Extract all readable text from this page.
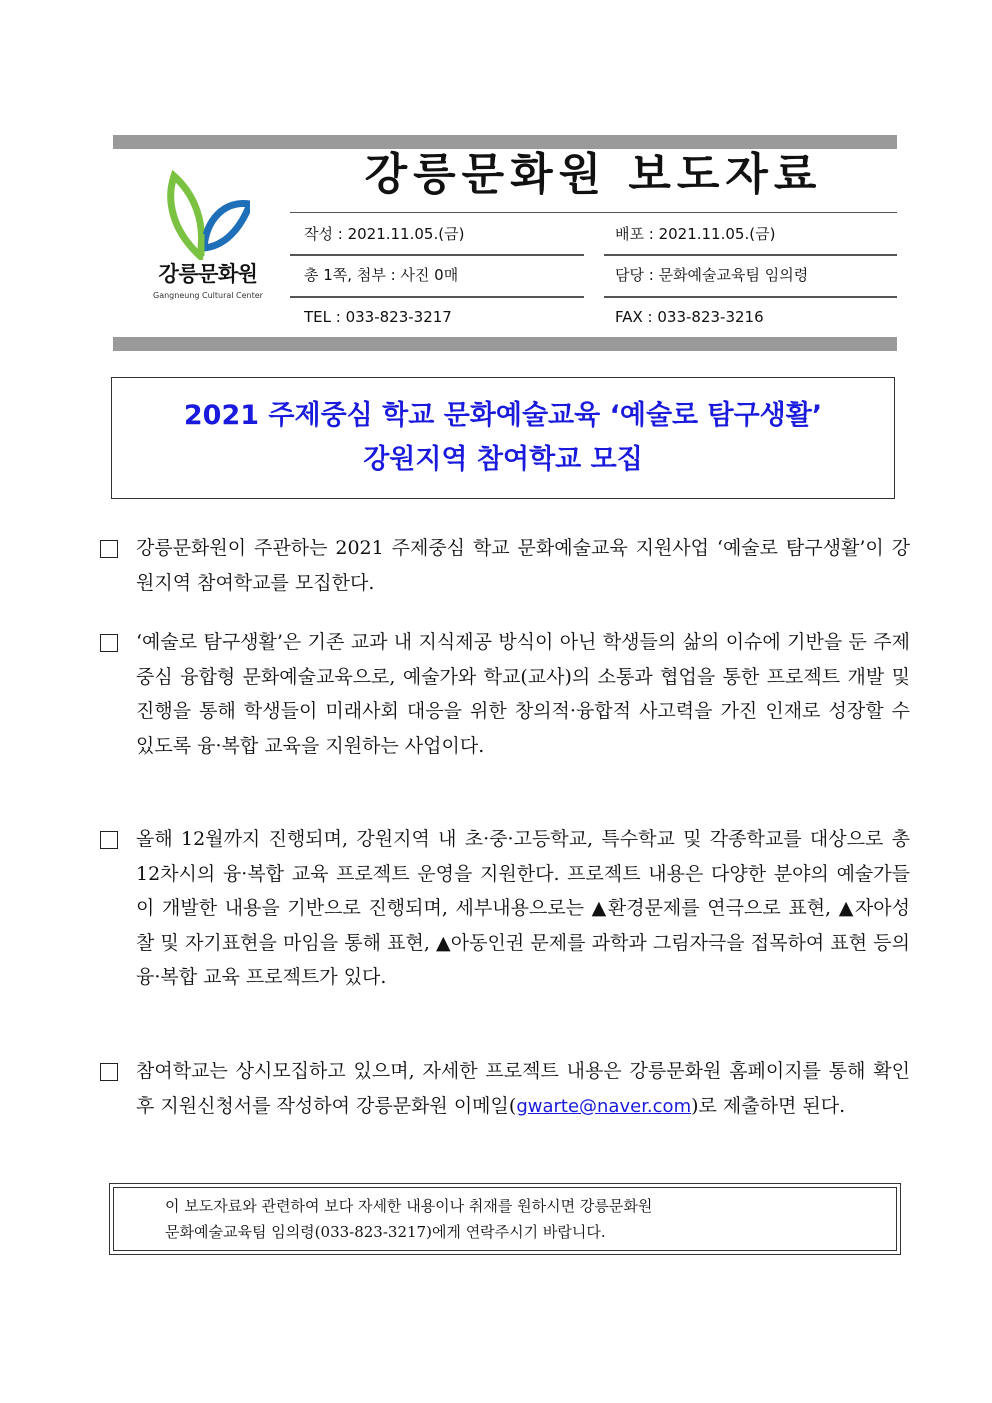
강릉문화원
Gangneung Cultural Center
강릉문화원 보도자료
작성 : 2021.11.05.(금)	배포 : 2021.11.05.(금)
총 1쪽, 첨부 : 사진 0매	담당 : 문화예술교육팀 임의령
TEL : 033-823-3217	FAX : 033-823-3216
2021 주제중심 학교 문화예술교육 ‘예술로 탐구생활’
강원지역 참여학교 모집
강릉문화원이 주관하는 2021 주제중심 학교 문화예술교육 지원사업 ‘예술로 탐구생활’이 강원지역 참여학교를 모집한다.
‘예술로 탐구생활’은 기존 교과 내 지식제공 방식이 아닌 학생들의 삶의 이슈에 기반을 둔 주제중심 융합형 문화예술교육으로, 예술가와 학교(교사)의 소통과 협업을 통한 프로젝트 개발 및 진행을 통해 학생들이 미래사회 대응을 위한 창의적·융합적 사고력을 가진 인재로 성장할 수 있도록 융·복합 교육을 지원하는 사업이다.
올해 12월까지 진행되며, 강원지역 내 초·중·고등학교, 특수학교 및 각종학교를 대상으로 총 12차시의 융·복합 교육 프로젝트 운영을 지원한다. 프로젝트 내용은 다양한 분야의 예술가들이 개발한 내용을 기반으로 진행되며, 세부내용으로는 ▲환경문제를 연극으로 표현, ▲자아성찰 및 자기표현을 마임을 통해 표현, ▲아동인권 문제를 과학과 그림자극을 접목하여 표현 등의 융·복합 교육 프로젝트가 있다.
참여학교는 상시모집하고 있으며, 자세한 프로젝트 내용은 강릉문화원 홈페이지를 통해 확인 후 지원신청서를 작성하여 강릉문화원 이메일(gwarte@naver.com)로 제출하면 된다.
이 보도자료와 관련하여 보다 자세한 내용이나 취재를 원하시면 강릉문화원
문화예술교육팀 임의령(033-823-3217)에게 연락주시기 바랍니다.
